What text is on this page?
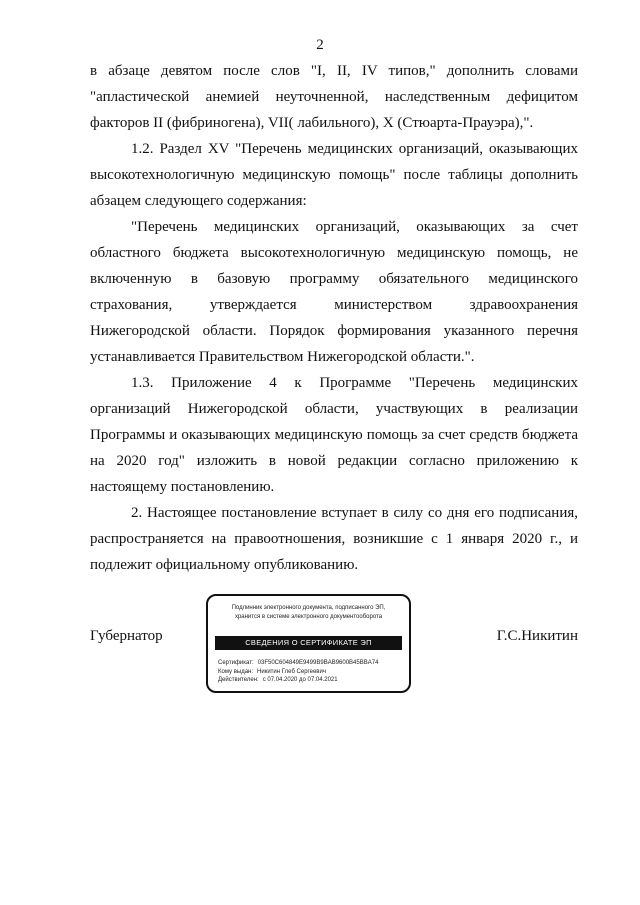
2

в абзаце девятом после слов "I, II, IV типов," дополнить словами "апластической анемией неуточненной, наследственным дефицитом факторов II (фибриногена), VII( лабильного), X (Стюарта-Прауэра),".

1.2. Раздел XV "Перечень медицинских организаций, оказывающих высокотехнологичную медицинскую помощь" после таблицы дополнить абзацем следующего содержания:

"Перечень медицинских организаций, оказывающих за счет областного бюджета высокотехнологичную медицинскую помощь, не включенную в базовую программу обязательного медицинского страхования, утверждается министерством здравоохранения Нижегородской области. Порядок формирования указанного перечня устанавливается Правительством Нижегородской области.".

1.3. Приложение 4 к Программе "Перечень медицинских организаций Нижегородской области, участвующих в реализации Программы и оказывающих медицинскую помощь за счет средств бюджета на 2020 год" изложить в новой редакции согласно приложению к настоящему постановлению.

2. Настоящее постановление вступает в силу со дня его подписания, распространяется на правоотношения, возникшие с 1 января 2020 г., и подлежит официальному опубликованию.

Губернатор
Подлинник электронного документа, подписанного ЭП,
хранится в системе электронного документооборота
СВЕДЕНИЯ О СЕРТИФИКАТЕ ЭП
Сертификат: 03F50C604849E9499B9BAB9600B45BBA74
Кому выдан: Никитин Глеб Сергеевич
Действителен: с 07.04.2020 до 07.04.2021
Г.С.Никитин
